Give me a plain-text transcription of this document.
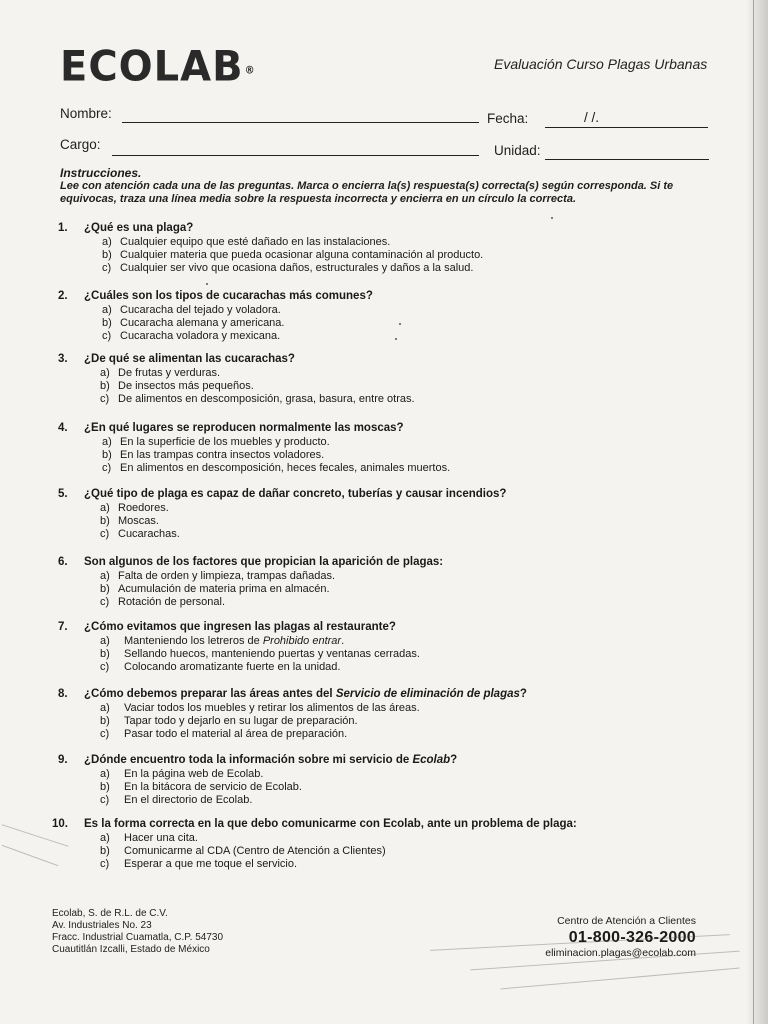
ECOLAB®	Evaluación Curso Plagas Urbanas
Nombre:	Fecha:	/ /.
Cargo:	Unidad:
Instrucciones.
Lee con atención cada una de las preguntas. Marca o encierra la(s) respuesta(s) correcta(s) según corresponda. Si te equivocas, traza una línea media sobre la respuesta incorrecta y encierra en un círculo la correcta.
1. ¿Qué es una plaga?
a) Cualquier equipo que esté dañado en las instalaciones.
b) Cualquier materia que pueda ocasionar alguna contaminación al producto.
c) Cualquier ser vivo que ocasiona daños, estructurales y daños a la salud.
2. ¿Cuáles son los tipos de cucarachas más comunes?
a) Cucaracha del tejado y voladora.
b) Cucaracha alemana y americana.
c) Cucaracha voladora y mexicana.
3. ¿De qué se alimentan las cucarachas?
a) De frutas y verduras.
b) De insectos más pequeños.
c) De alimentos en descomposición, grasa, basura, entre otras.
4. ¿En qué lugares se reproducen normalmente las moscas?
a) En la superficie de los muebles y producto.
b) En las trampas contra insectos voladores.
c) En alimentos en descomposición, heces fecales, animales muertos.
5. ¿Qué tipo de plaga es capaz de dañar concreto, tuberías y causar incendios?
a) Roedores.
b) Moscas.
c) Cucarachas.
6. Son algunos de los factores que propician la aparición de plagas:
a) Falta de orden y limpieza, trampas dañadas.
b) Acumulación de materia prima en almacén.
c) Rotación de personal.
7. ¿Cómo evitamos que ingresen las plagas al restaurante?
a) Manteniendo los letreros de Prohibido entrar.
b) Sellando huecos, manteniendo puertas y ventanas cerradas.
c) Colocando aromatizante fuerte en la unidad.
8. ¿Cómo debemos preparar las áreas antes del Servicio de eliminación de plagas?
a) Vaciar todos los muebles y retirar los alimentos de las áreas.
b) Tapar todo y dejarlo en su lugar de preparación.
c) Pasar todo el material al área de preparación.
9. ¿Dónde encuentro toda la información sobre mi servicio de Ecolab?
a) En la página web de Ecolab.
b) En la bitácora de servicio de Ecolab.
c) En el directorio de Ecolab.
10. Es la forma correcta en la que debo comunicarme con Ecolab, ante un problema de plaga:
a) Hacer una cita.
b) Comunicarme al CDA (Centro de Atención a Clientes)
c) Esperar a que me toque el servicio.
Ecolab, S. de R.L. de C.V.
Av. Industriales No. 23
Fracc. Industrial Cuamatla, C.P. 54730
Cuautitlán Izcalli, Estado de México
Centro de Atención a Clientes
01-800-326-2000
eliminacion.plagas@ecolab.com
